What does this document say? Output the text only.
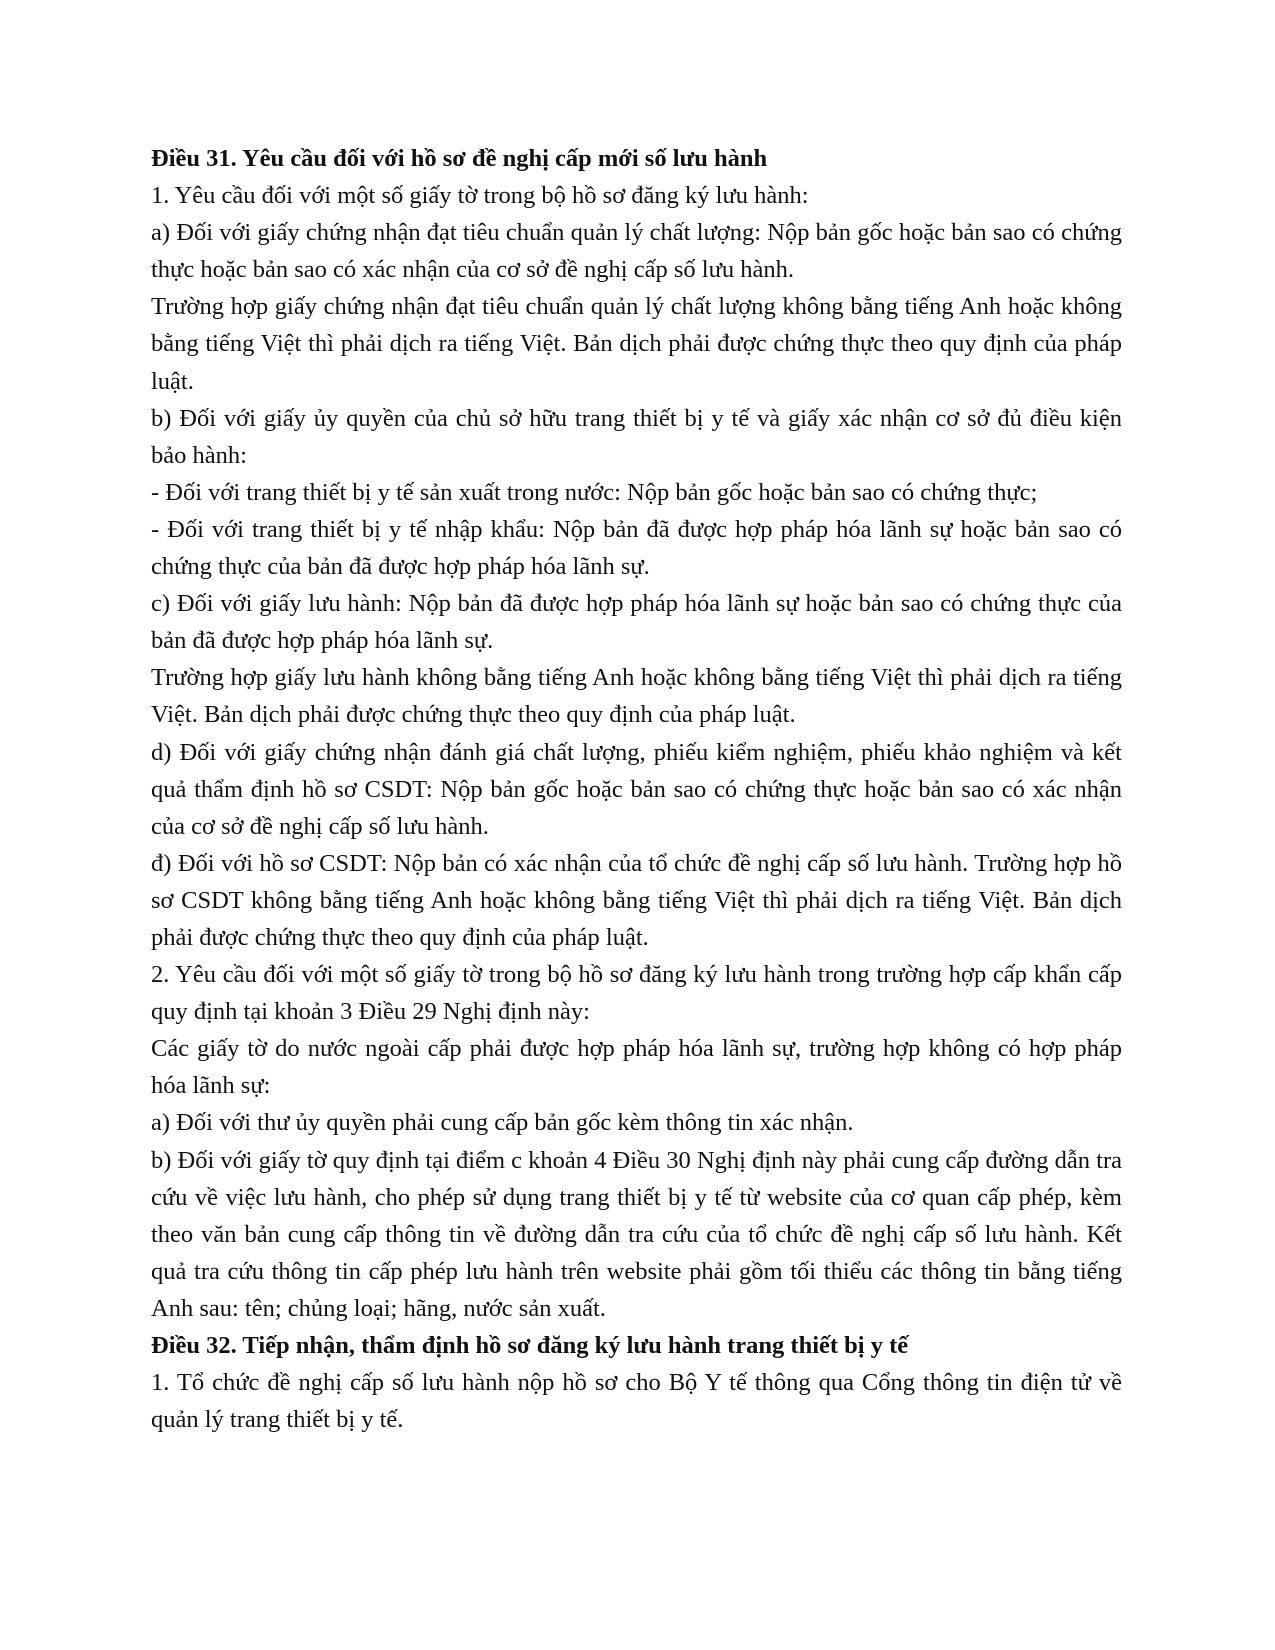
Điều 31. Yêu cầu đối với hồ sơ đề nghị cấp mới số lưu hành

1. Yêu cầu đối với một số giấy tờ trong bộ hồ sơ đăng ký lưu hành:

a) Đối với giấy chứng nhận đạt tiêu chuẩn quản lý chất lượng: Nộp bản gốc hoặc bản sao có chứng thực hoặc bản sao có xác nhận của cơ sở đề nghị cấp số lưu hành.

Trường hợp giấy chứng nhận đạt tiêu chuẩn quản lý chất lượng không bằng tiếng Anh hoặc không bằng tiếng Việt thì phải dịch ra tiếng Việt. Bản dịch phải được chứng thực theo quy định của pháp luật.

b) Đối với giấy ủy quyền của chủ sở hữu trang thiết bị y tế và giấy xác nhận cơ sở đủ điều kiện bảo hành:

- Đối với trang thiết bị y tế sản xuất trong nước: Nộp bản gốc hoặc bản sao có chứng thực;

- Đối với trang thiết bị y tế nhập khẩu: Nộp bản đã được hợp pháp hóa lãnh sự hoặc bản sao có chứng thực của bản đã được hợp pháp hóa lãnh sự.

c) Đối với giấy lưu hành: Nộp bản đã được hợp pháp hóa lãnh sự hoặc bản sao có chứng thực của bản đã được hợp pháp hóa lãnh sự.

Trường hợp giấy lưu hành không bằng tiếng Anh hoặc không bằng tiếng Việt thì phải dịch ra tiếng Việt. Bản dịch phải được chứng thực theo quy định của pháp luật.

d) Đối với giấy chứng nhận đánh giá chất lượng, phiếu kiểm nghiệm, phiếu khảo nghiệm và kết quả thẩm định hồ sơ CSDT: Nộp bản gốc hoặc bản sao có chứng thực hoặc bản sao có xác nhận của cơ sở đề nghị cấp số lưu hành.

đ) Đối với hồ sơ CSDT: Nộp bản có xác nhận của tổ chức đề nghị cấp số lưu hành. Trường hợp hồ sơ CSDT không bằng tiếng Anh hoặc không bằng tiếng Việt thì phải dịch ra tiếng Việt. Bản dịch phải được chứng thực theo quy định của pháp luật.

2. Yêu cầu đối với một số giấy tờ trong bộ hồ sơ đăng ký lưu hành trong trường hợp cấp khẩn cấp quy định tại khoản 3 Điều 29 Nghị định này:

Các giấy tờ do nước ngoài cấp phải được hợp pháp hóa lãnh sự, trường hợp không có hợp pháp hóa lãnh sự:

a) Đối với thư ủy quyền phải cung cấp bản gốc kèm thông tin xác nhận.

b) Đối với giấy tờ quy định tại điểm c khoản 4 Điều 30 Nghị định này phải cung cấp đường dẫn tra cứu về việc lưu hành, cho phép sử dụng trang thiết bị y tế từ website của cơ quan cấp phép, kèm theo văn bản cung cấp thông tin về đường dẫn tra cứu của tổ chức đề nghị cấp số lưu hành. Kết quả tra cứu thông tin cấp phép lưu hành trên website phải gồm tối thiểu các thông tin bằng tiếng Anh sau: tên; chủng loại; hãng, nước sản xuất.

Điều 32. Tiếp nhận, thẩm định hồ sơ đăng ký lưu hành trang thiết bị y tế

1. Tổ chức đề nghị cấp số lưu hành nộp hồ sơ cho Bộ Y tế thông qua Cổng thông tin điện tử về quản lý trang thiết bị y tế.
